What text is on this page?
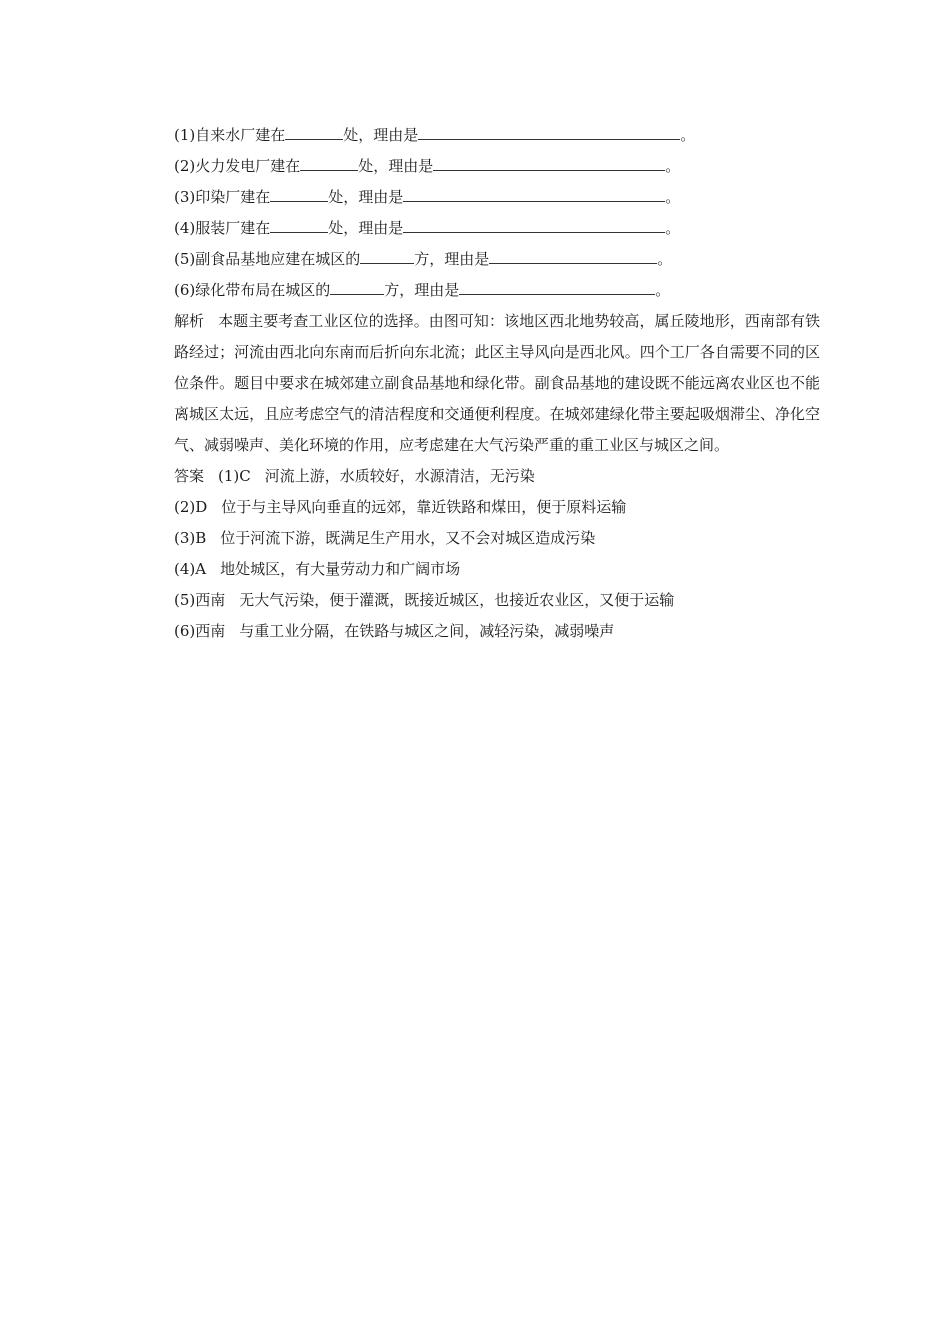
(1)自来水厂建在	处，理由是	。
(2)火力发电厂建在	处，理由是	。
(3)印染厂建在	处，理由是	。
(4)服装厂建在	处，理由是	。
(5)副食品基地应建在城区的	方，理由是	。
(6)绿化带布局在城区的	方，理由是	。
解析 本题主要考查工业区位的选择。由图可知：该地区西北地势较高，属丘陵地形，西南部有铁路经过；河流由西北向东南而后折向东北流；此区主导风向是西北风。四个工厂各自需要不同的区位条件。题目中要求在城郊建立副食品基地和绿化带。副食品基地的建设既不能远离农业区也不能离城区太远，且应考虑空气的清洁程度和交通便利程度。在城郊建绿化带主要起吸烟滞尘、净化空气、减弱噪声、美化环境的作用，应考虑建在大气污染严重的重工业区与城区之间。
答案 (1)C 河流上游，水质较好，水源清洁，无污染
(2)D 位于与主导风向垂直的远郊，靠近铁路和煤田，便于原料运输
(3)B 位于河流下游，既满足生产用水，又不会对城区造成污染
(4)A 地处城区，有大量劳动力和广阔市场
(5)西南 无大气污染，便于灌溉，既接近城区，也接近农业区，又便于运输
(6)西南 与重工业分隔，在铁路与城区之间，减轻污染，减弱噪声
